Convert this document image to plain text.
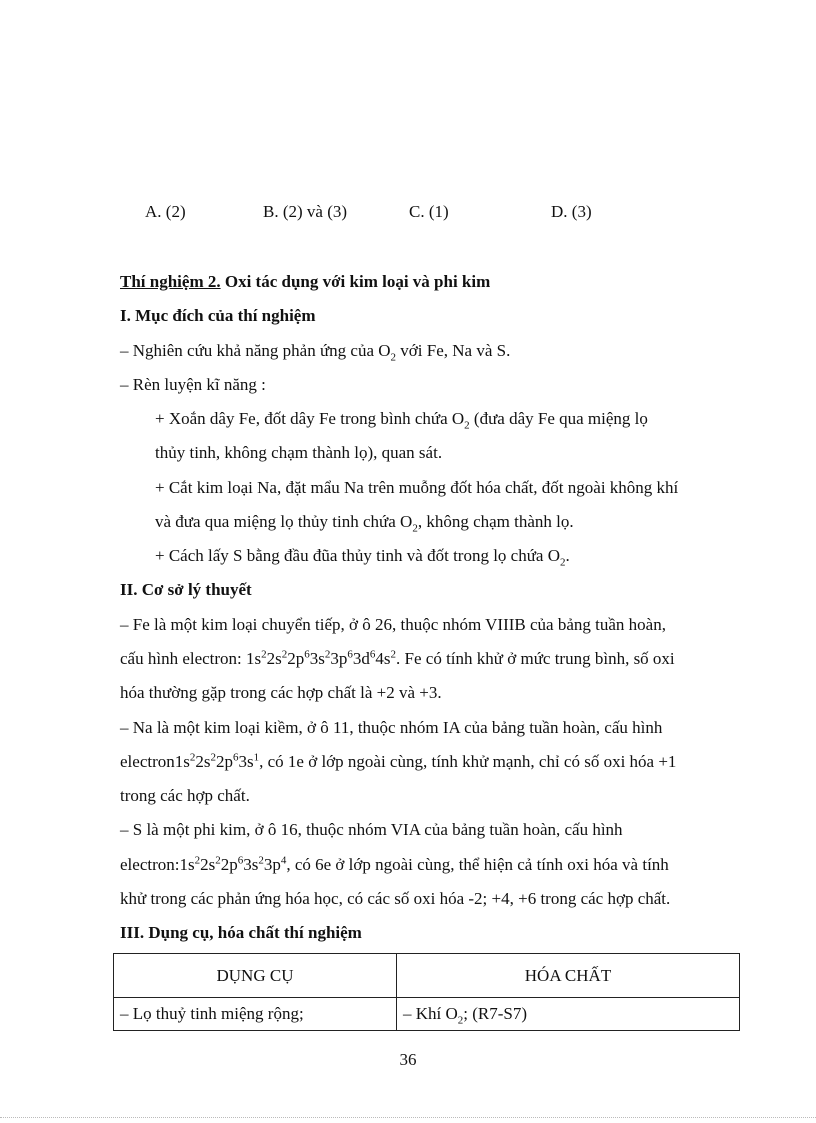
A. (2)	B. (2) và (3)	C. (1)	D. (3)
Thí nghiệm 2. Oxi tác dụng với kim loại và phi kim
I. Mục đích của thí nghiệm
– Nghiên cứu khả năng phản ứng của $O_2$ với Fe, Na và S.
– Rèn luyện kĩ năng :
+ Xoắn dây Fe, đốt dây Fe trong bình chứa $O_2$ (đưa dây Fe qua miệng lọ
thủy tinh, không chạm thành lọ), quan sát.
+ Cắt kim loại Na, đặt mẩu Na trên muỗng đốt hóa chất, đốt ngoài không khí
và đưa qua miệng lọ thủy tinh chứa $O_2$, không chạm thành lọ.
+ Cách lấy S bằng đầu đũa thủy tinh và đốt trong lọ chứa $O_2$.
II. Cơ sở lý thuyết
– Fe là một kim loại chuyển tiếp, ở ô 26, thuộc nhóm VIIIB của bảng tuần hoàn,
cấu hình electron: $1s^22s^22p^63s^23p^63d^64s^2$. Fe có tính khử ở mức trung bình, số oxi
hóa thường gặp trong các hợp chất là +2 và +3.
– Na là một kim loại kiềm, ở ô 11, thuộc nhóm IA của bảng tuần hoàn, cấu hình
$electron1s^22s^22p^63s^1$, có 1e ở lớp ngoài cùng, tính khử mạnh, chỉ có số oxi hóa +1
trong các hợp chất.
– S là một phi kim, ở ô 16, thuộc nhóm VIA của bảng tuần hoàn, cấu hình
$electron:1s^22s^22p^63s^23p^4$, có 6e ở lớp ngoài cùng, thể hiện cả tính oxi hóa và tính
khử trong các phản ứng hóa học, có các số oxi hóa -2; +4, +6 trong các hợp chất.
III. Dụng cụ, hóa chất thí nghiệm
DỤNG CỤ	HÓA CHẤT
– Lọ thuỷ tinh miệng rộng;	– Khí $O_2$; (R7-S7)
36
